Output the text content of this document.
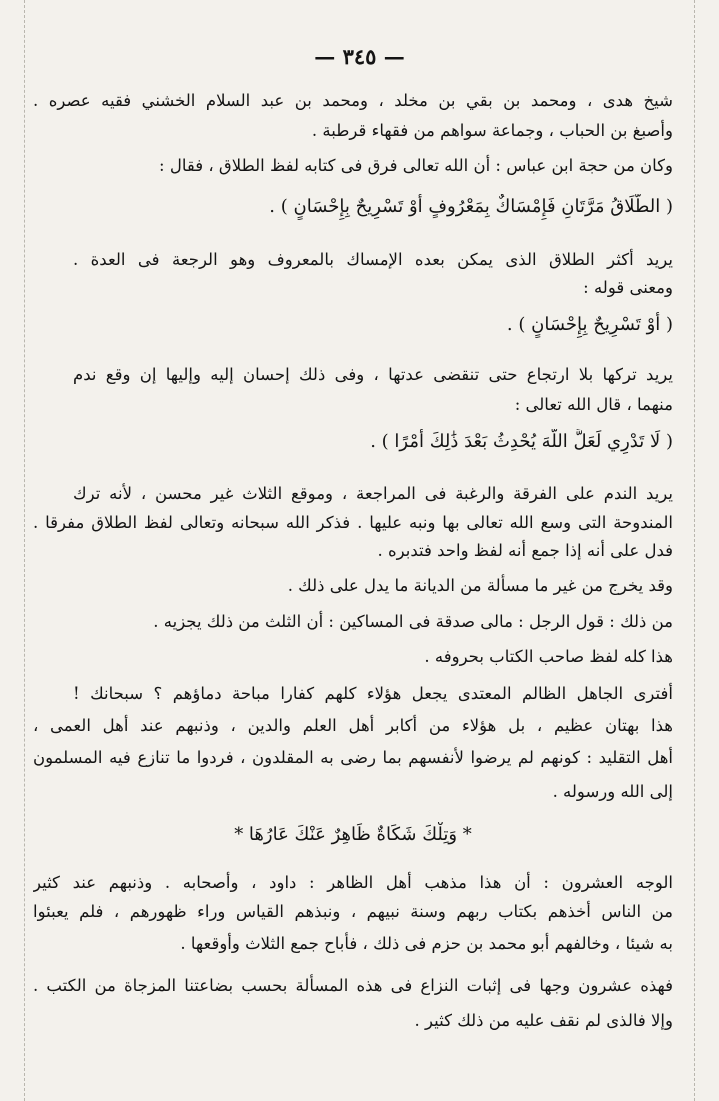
— ٣٤٥ —
شيخ هدى ، ومحمد بن بقي بن مخلد ، ومحمد بن عبد السلام الخشني فقيه عصره .
وأصبغ بن الحباب ، وجماعة سواهم من فقهاء قرطبة .
وكان من حجة ابن عباس : أن الله تعالى فرق فى كتابه لفظ الطلاق ، فقال :
( الطَّلَاقُ مَرَّتَانِ فَإِمْسَاكٌ بِمَعْرُوفٍ أَوْ تَسْرِيحٌ بِإِحْسَانٍ ) .
يريد أكثر الطلاق الذى يمكن بعده الإمساك بالمعروف وهو الرجعة فى العدة .
ومعنى قوله :
( أَوْ تَسْرِيحٌ بِإِحْسَانٍ ) .
يريد تركها بلا ارتجاع حتى تنقضى عدتها ، وفى ذلك إحسان إليه وإليها إن وقع ندم
منهما ، قال الله تعالى :
( لَا تَدْرِي لَعَلَّ اللَّهَ يُحْدِثُ بَعْدَ ذَٰلِكَ أَمْرًا ) .
يريد الندم على الفرقة والرغبة فى المراجعة ، وموقع الثلاث غير محسن ، لأنه ترك
المندوحة التى وسع الله تعالى بها ونبه عليها . فذكر الله سبحانه وتعالى لفظ الطلاق مفرقا .
فدل على أنه إذا جمع أنه لفظ واحد فتدبره .
وقد يخرج من غير ما مسألة من الديانة ما يدل على ذلك .
من ذلك : قول الرجل : مالى صدقة فى المساكين : أن الثلث من ذلك يجزيه .
هذا كله لفظ صاحب الكتاب بحروفه .
أفترى الجاهل الظالم المعتدى يجعل هؤلاء كلهم كفارا مباحة دماؤهم ؟ سبحانك !
هذا بهتان عظيم ، بل هؤلاء من أكابر أهل العلم والدين ، وذنبهم عند أهل العمى ،
أهل التقليد : كونهم لم يرضوا لأنفسهم بما رضى به المقلدون ، فردوا ما تنازع فيه المسلمون
إلى الله ورسوله .
* وَتِلْكَ شَكَاةٌ ظَاهِرٌ عَنْكَ عَارُهَا *
الوجه العشرون : أن هذا مذهب أهل الظاهر : داود ، وأصحابه . وذنبهم عند كثير
من الناس أخذهم بكتاب ربهم وسنة نبيهم ، ونبذهم القياس وراء ظهورهم ، فلم يعبئوا
به شيئا ، وخالفهم أبو محمد بن حزم فى ذلك ، فأباح جمع الثلاث وأوقعها .
فهذه عشرون وجها فى إثبات النزاع فى هذه المسألة بحسب بضاعتنا المزجاة من الكتب .
وإلا فالذى لم نقف عليه من ذلك كثير .
